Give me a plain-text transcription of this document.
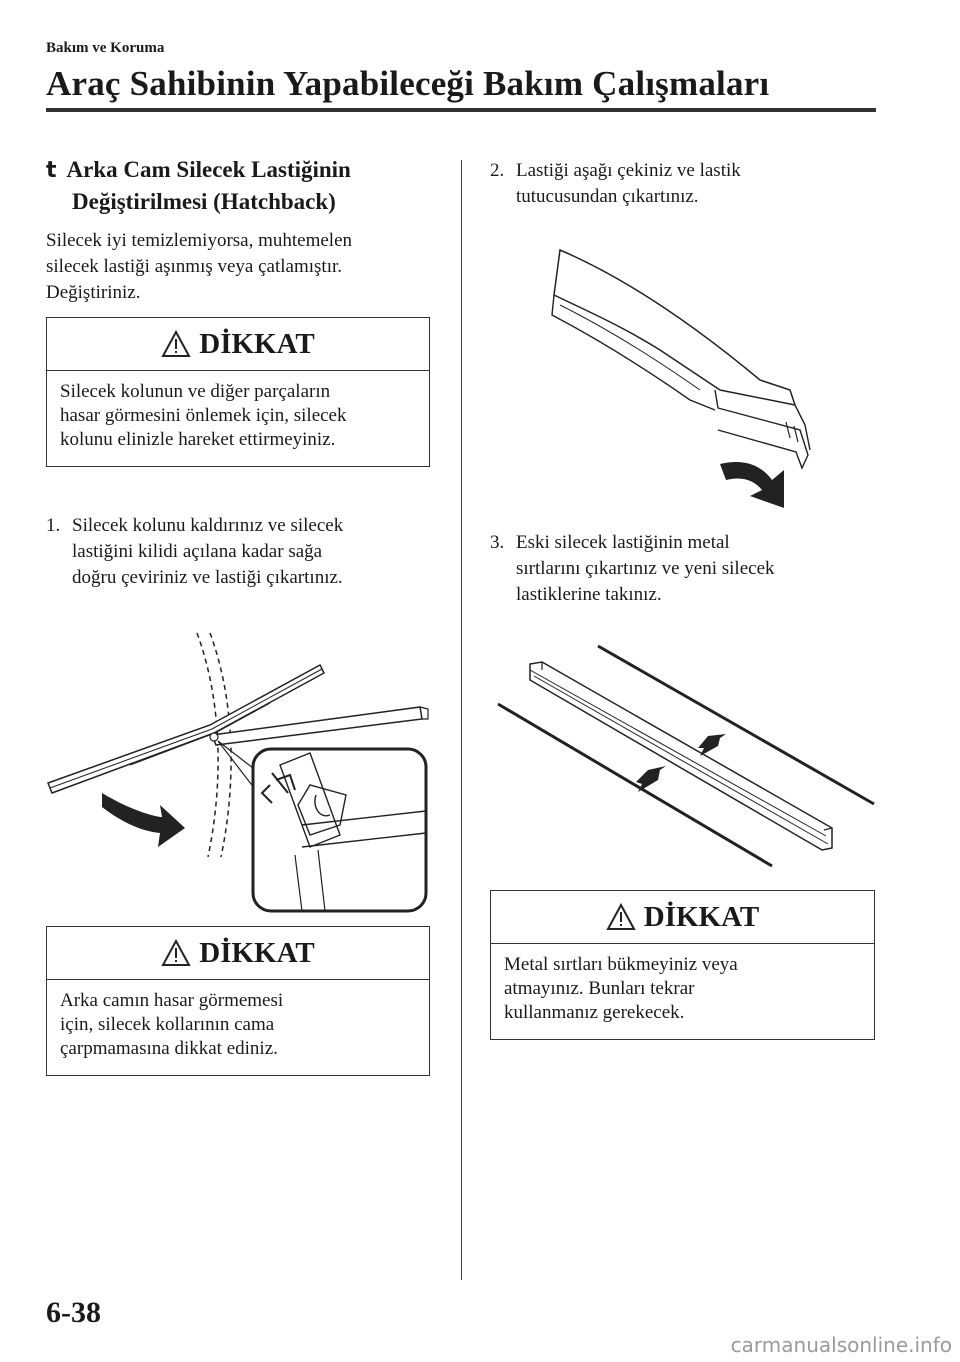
Bakım ve Koruma
Araç Sahibinin Yapabileceği Bakım Çalışmaları
t Arka Cam Silecek Lastiğinin
Değiştirilmesi (Hatchback)
Silecek iyi temizlemiyorsa, muhtemelen
silecek lastiği aşınmış veya çatlamıştır.
Değiştiriniz.
DİKKAT
Silecek kolunun ve diğer parçaların
hasar görmesini önlemek için, silecek
kolunu elinizle hareket ettirmeyiniz.
1. Silecek kolunu kaldırınız ve silecek
lastiğini kilidi açılana kadar sağa
doğru çeviriniz ve lastiği çıkartınız.
DİKKAT
Arka camın hasar görmemesi
için, silecek kollarının cama
çarpmamasına dikkat ediniz.
2. Lastiği aşağı çekiniz ve lastik
tutucusundan çıkartınız.
3. Eski silecek lastiğinin metal
sırtlarını çıkartınız ve yeni silecek
lastiklerine takınız.
DİKKAT
Metal sırtları bükmeyiniz veya
atmayınız. Bunları tekrar
kullanmanız gerekecek.
6-38
carmanualsonline.info
